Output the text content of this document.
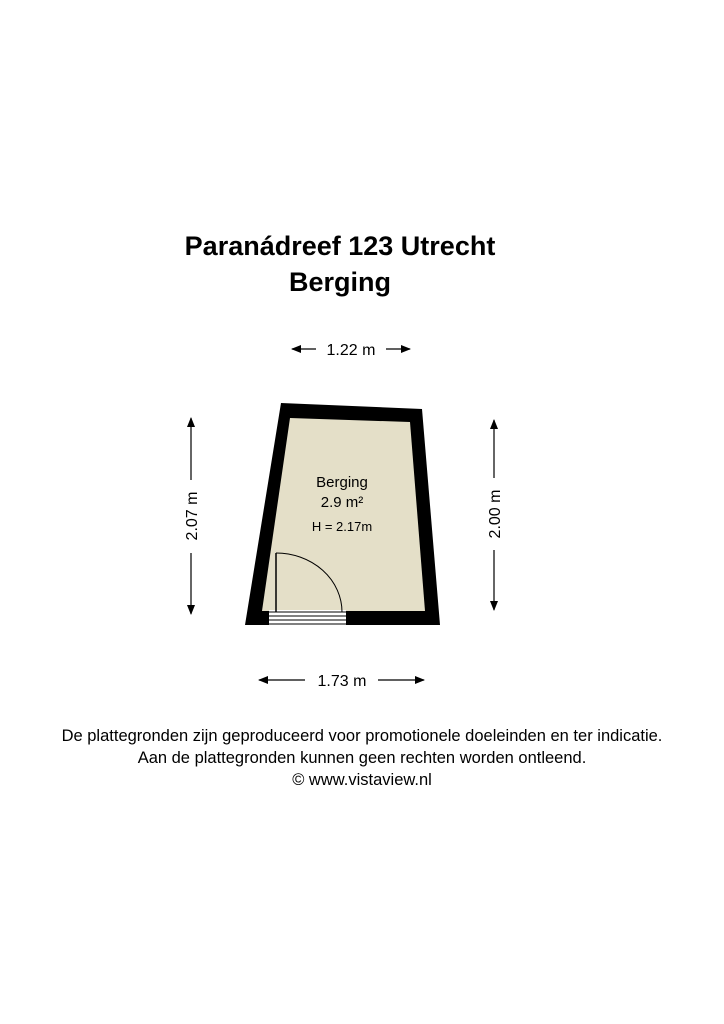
Paranádreef 123 Utrecht
Berging
Berging
2.9 m²
H = 2.17m
1.22 m
1.73 m
2.07 m	2.00 m
De plattegronden zijn geproduceerd voor promotionele doeleinden en ter indicatie.
Aan de plattegronden kunnen geen rechten worden ontleend.
© www.vistaview.nl
